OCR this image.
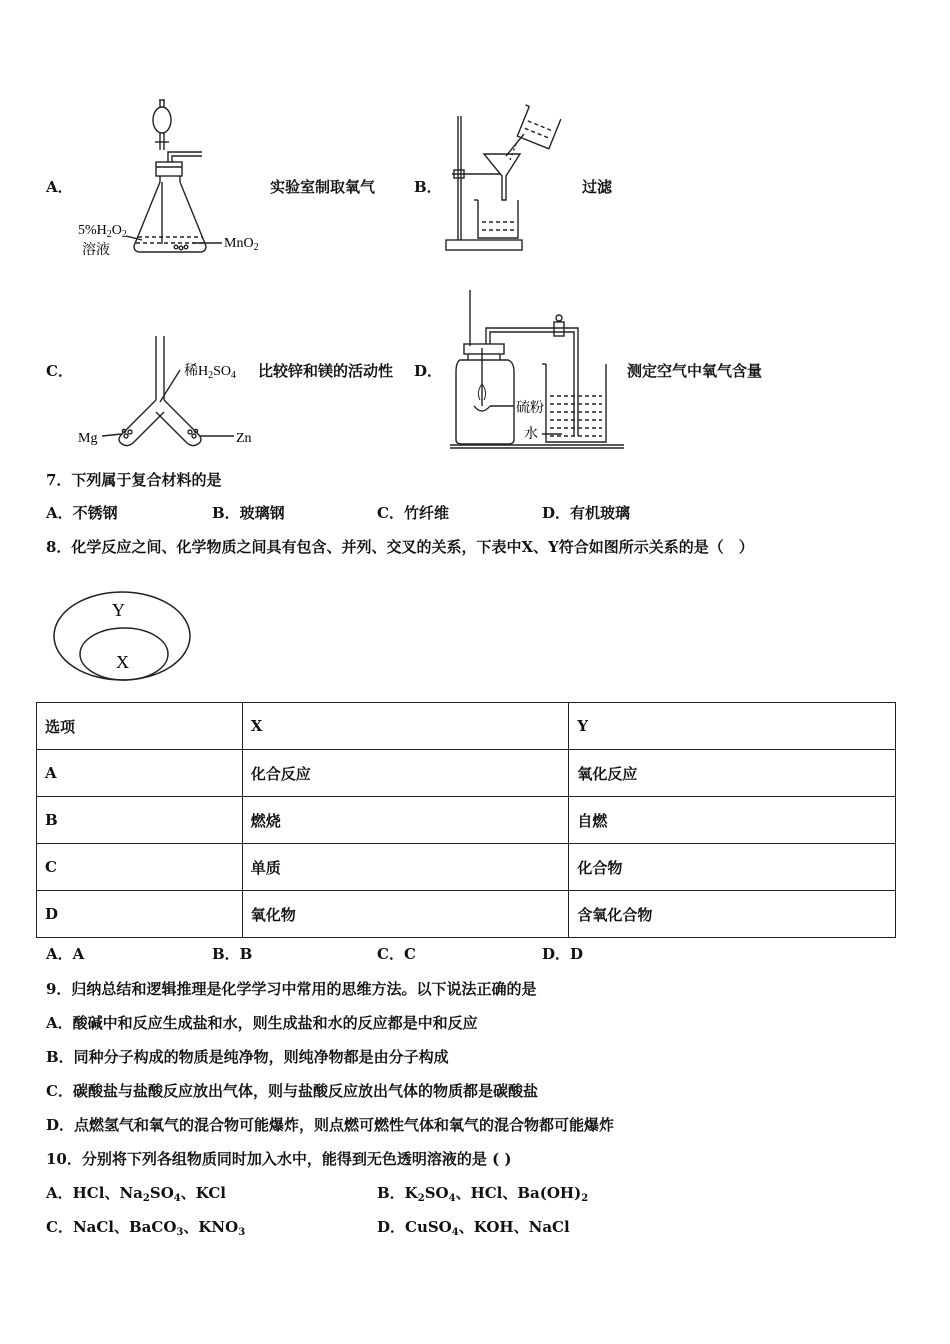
A．
$5\%H_2O_2$
溶液	MnO$_2$
实验室制取氧气	B．	过滤
C．	稀$H_2SO_4$
Mg	Zn
比较锌和镁的活动性 D．
硫粉
水
测定空气中氧气含量
7．下列属于复合材料的是
A．不锈钢	B．玻璃钢	C．竹纤维	D．有机玻璃
8．化学反应之间、化学物质之间具有包含、并列、交叉的关系，下表中X、Y符合如图所示关系的是（　）
Y
X
选项	X	Y
A	化合反应	氧化反应
B	燃烧	自燃
C	单质	化合物
D	氧化物	含氧化合物
A．A	B．B	C．C	D．D
9．归纳总结和逻辑推理是化学学习中常用的思维方法。以下说法正确的是
A．酸碱中和反应生成盐和水，则生成盐和水的反应都是中和反应
B．同种分子构成的物质是纯净物，则纯净物都是由分子构成
C．碳酸盐与盐酸反应放出气体，则与盐酸反应放出气体的物质都是碳酸盐
D．点燃氢气和氧气的混合物可能爆炸，则点燃可燃性气体和氧气的混合物都可能爆炸
10．分别将下列各组物质同时加入水中，能得到无色透明溶液的是 ( )
A．HCl、$Na_2SO_4$、KCl	B．$K_2SO_4$、HCl、$Ba(OH)_2$
C．NaCl、BaCO$_3$、$KNO_3$	D．CuSO$_4$、KOH、NaCl
